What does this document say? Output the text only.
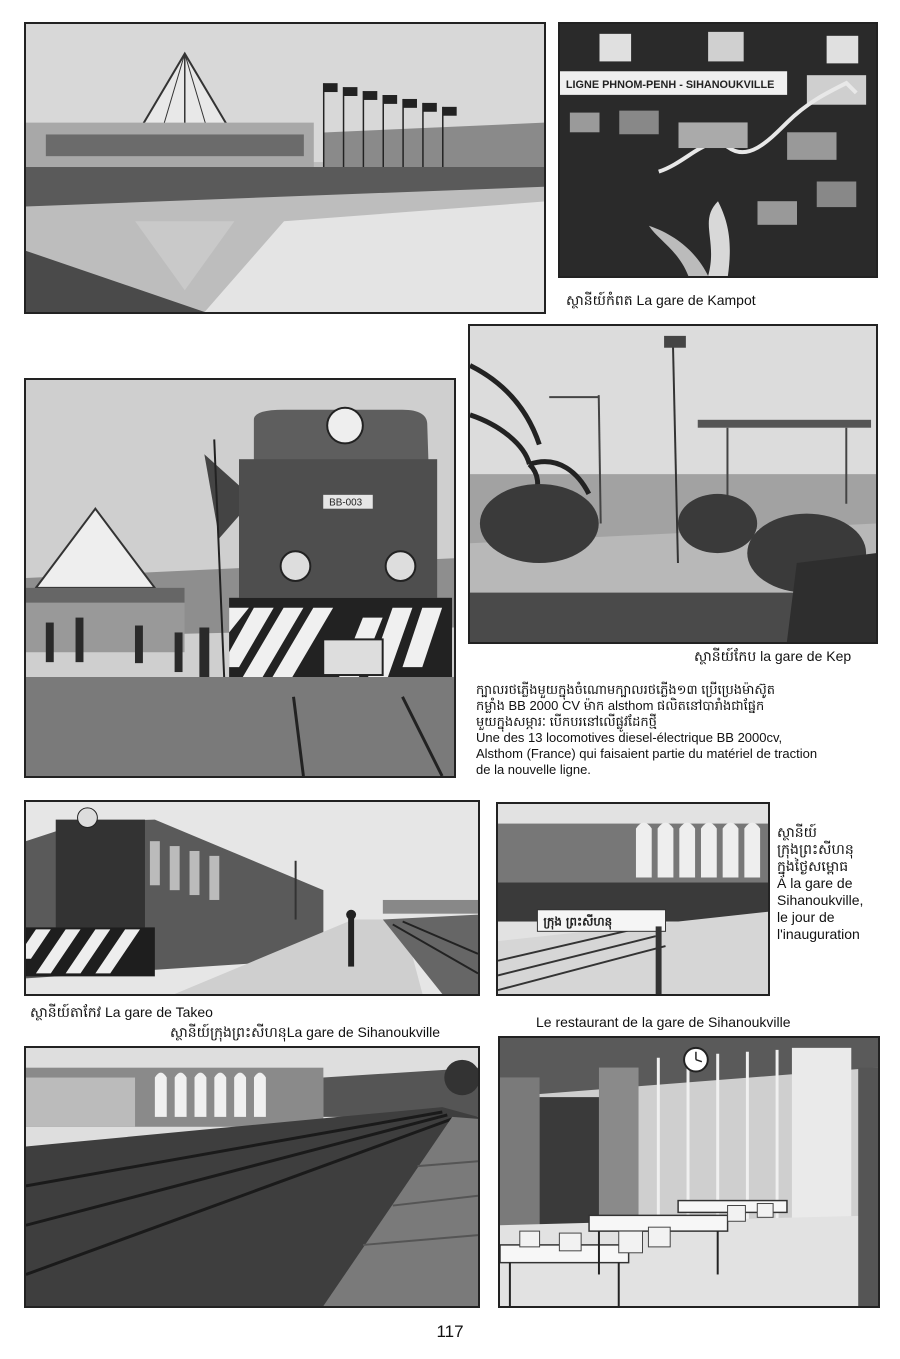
LIGNE PHNOM-PENH - SIHANOUKVILLE
ស្ថានីយ៍កំពត La gare de Kampot
BB-003
ស្ថានីយ៍កែប la gare de Kep
ក្បាលរថភ្លើងមួយក្នុងចំណោមក្បាលរថភ្លើង១៣ ប្រើប្រេងម៉ាស៊ូត
កម្លាំង BB 2000 CV ម៉ាក alsthom ផលិតនៅបារាំងជាផ្នែក
មួយក្នុងសម្ភារៈ បើកបរនៅលើផ្លូវដែកថ្មី
Une des 13 locomotives diesel-électrique BB 2000cv,
Alsthom (France) qui faisaient partie du matériel de traction
de la nouvelle ligne.
ក្រុង ព្រះសីហនុ
ស្ថានីយ៍
ក្រុងព្រះសីហនុ
ក្នុងថ្ងៃសម្ពោធ
À la gare de
Sihanoukville,
le jour de
l'inauguration
ស្ថានីយ៍តាកែវ La gare de Takeo
ស្ថានីយ៍ក្រុងព្រះសីហនុLa gare de Sihanoukville
Le restaurant de la gare de Sihanoukville
117
